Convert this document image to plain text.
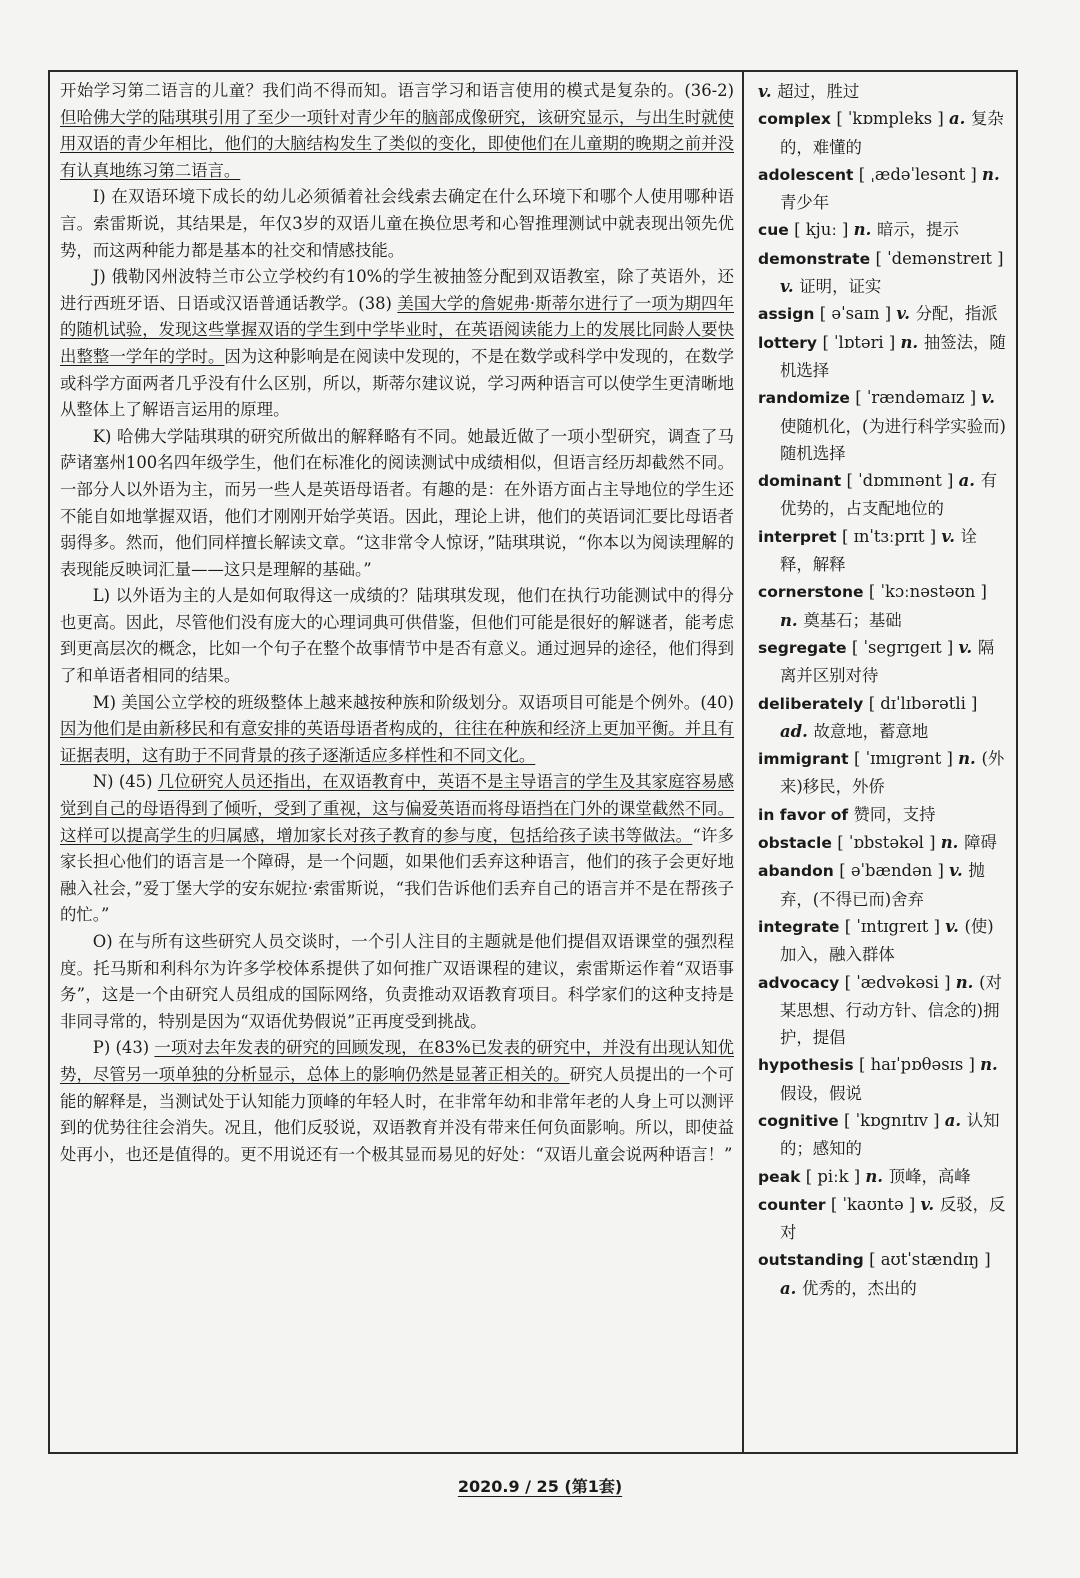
开始学习第二语言的儿童？我们尚不得而知。语言学习和语言使用的模式是复杂的。(36-2) 但哈佛大学的陆琪琪引用了至少一项针对青少年的脑部成像研究，该研究显示，与出生时就使用双语的青少年相比，他们的大脑结构发生了类似的变化，即使他们在儿童期的晚期之前并没有认真地练习第二语言。

I) 在双语环境下成长的幼儿必须循着社会线索去确定在什么环境下和哪个人使用哪种语言。索雷斯说，其结果是，年仅3岁的双语儿童在换位思考和心智推理测试中就表现出领先优势，而这两种能力都是基本的社交和情感技能。

J) 俄勒冈州波特兰市公立学校约有10%的学生被抽签分配到双语教室，除了英语外，还进行西班牙语、日语或汉语普通话教学。(38) 美国大学的詹妮弗·斯蒂尔进行了一项为期四年的随机试验，发现这些掌握双语的学生到中学毕业时，在英语阅读能力上的发展比同龄人要快出整整一学年的学时。因为这种影响是在阅读中发现的，不是在数学或科学中发现的，在数学或科学方面两者几乎没有什么区别，所以，斯蒂尔建议说，学习两种语言可以使学生更清晰地从整体上了解语言运用的原理。

K) 哈佛大学陆琪琪的研究所做出的解释略有不同。她最近做了一项小型研究，调查了马萨诸塞州100名四年级学生，他们在标准化的阅读测试中成绩相似，但语言经历却截然不同。一部分人以外语为主，而另一些人是英语母语者。有趣的是：在外语方面占主导地位的学生还不能自如地掌握双语，他们才刚刚开始学英语。因此，理论上讲，他们的英语词汇要比母语者弱得多。然而，他们同样擅长解读文章。“这非常令人惊讶，”陆琪琪说，“你本以为阅读理解的表现能反映词汇量——这只是理解的基础。”

L) 以外语为主的人是如何取得这一成绩的？陆琪琪发现，他们在执行功能测试中的得分也更高。因此，尽管他们没有庞大的心理词典可供借鉴，但他们可能是很好的解谜者，能考虑到更高层次的概念，比如一个句子在整个故事情节中是否有意义。通过迥异的途径，他们得到了和单语者相同的结果。

M) 美国公立学校的班级整体上越来越按种族和阶级划分。双语项目可能是个例外。(40) 因为他们是由新移民和有意安排的英语母语者构成的，往往在种族和经济上更加平衡。并且有证据表明，这有助于不同背景的孩子逐渐适应多样性和不同文化。

N) (45) 几位研究人员还指出，在双语教育中，英语不是主导语言的学生及其家庭容易感觉到自己的母语得到了倾听，受到了重视，这与偏爱英语而将母语挡在门外的课堂截然不同。这样可以提高学生的归属感，增加家长对孩子教育的参与度，包括给孩子读书等做法。“许多家长担心他们的语言是一个障碍，是一个问题，如果他们丢弃这种语言，他们的孩子会更好地融入社会，”爱丁堡大学的安东妮拉·索雷斯说，“我们告诉他们丢弃自己的语言并不是在帮孩子的忙。”

O) 在与所有这些研究人员交谈时，一个引人注目的主题就是他们提倡双语课堂的强烈程度。托马斯和利科尔为许多学校体系提供了如何推广双语课程的建议，索雷斯运作着“双语事务”，这是一个由研究人员组成的国际网络，负责推动双语教育项目。科学家们的这种支持是非同寻常的，特别是因为“双语优势假说”正再度受到挑战。

P) (43) 一项对去年发表的研究的回顾发现，在83%已发表的研究中，并没有出现认知优势，尽管另一项单独的分析显示，总体上的影响仍然是显著正相关的。研究人员提出的一个可能的解释是，当测试处于认知能力顶峰的年轻人时，在非常年幼和非常年老的人身上可以测评到的优势往往会消失。况且，他们反驳说，双语教育并没有带来任何负面影响。所以，即使益处再小，也还是值得的。更不用说还有一个极其显而易见的好处：“双语儿童会说两种语言！”

v. 超过，胜过
complex [ ˈkɒmpleks ] a. 复杂的，难懂的
adolescent [ ˌædəˈlesənt ] n. 青少年
cue [ kjuː ] n. 暗示，提示
demonstrate [ ˈdemənstreɪt ] v. 证明，证实
assign [ əˈsaɪn ] v. 分配，指派
lottery [ ˈlɒtəri ] n. 抽签法，随机选择
randomize [ ˈrændəmaɪz ] v. 使随机化，(为进行科学实验而)随机选择
dominant [ ˈdɒmɪnənt ] a. 有优势的，占支配地位的
interpret [ ɪnˈtɜːprɪt ] v. 诠释，解释
cornerstone [ ˈkɔːnəstəʊn ] n. 奠基石；基础
segregate [ ˈsegrɪgeɪt ] v. 隔离并区别对待
deliberately [ dɪˈlɪbərətli ] ad. 故意地，蓄意地
immigrant [ ˈɪmɪgrənt ] n. (外来)移民，外侨
in favor of 赞同，支持
obstacle [ ˈɒbstəkəl ] n. 障碍
abandon [ əˈbændən ] v. 抛弃，(不得已而)舍弃
integrate [ ˈɪntɪgreɪt ] v. (使)加入，融入群体
advocacy [ ˈædvəkəsi ] n. (对某思想、行动方针、信念的)拥护，提倡
hypothesis [ haɪˈpɒθəsɪs ] n. 假设，假说
cognitive [ ˈkɒgnɪtɪv ] a. 认知的；感知的
peak [ piːk ] n. 顶峰，高峰
counter [ ˈkaʊntə ] v. 反驳，反对
outstanding [ aʊtˈstændɪŋ ] a. 优秀的，杰出的
2020.9 / 25 (第1套)
